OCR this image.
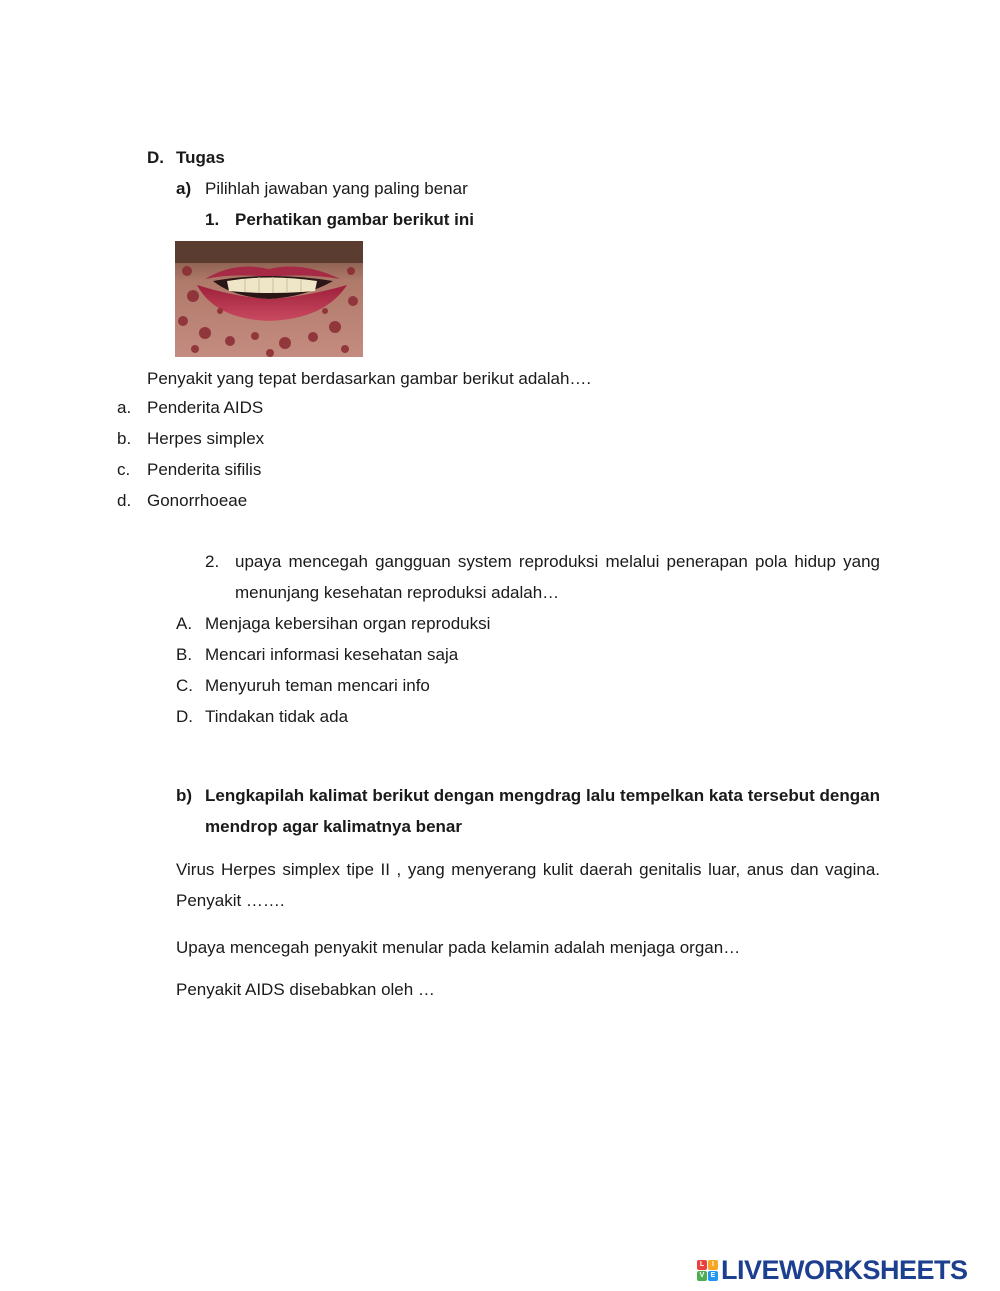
D. Tugas
a) Pilihlah jawaban yang paling benar
1. Perhatikan gambar berikut ini
Penyakit yang tepat berdasarkan gambar berikut adalah….
a. Penderita AIDS
b. Herpes simplex
c. Penderita sifilis
d. Gonorrhoeae
2. upaya mencegah gangguan system reproduksi melalui penerapan pola hidup yang menunjang kesehatan reproduksi adalah…
A. Menjaga kebersihan organ reproduksi
B. Mencari informasi kesehatan saja
C. Menyuruh teman mencari info
D. Tindakan tidak ada
b) Lengkapilah kalimat berikut dengan mengdrag lalu tempelkan kata tersebut dengan mendrop agar kalimatnya benar
Virus Herpes simplex tipe II , yang menyerang kulit daerah genitalis luar, anus dan vagina. Penyakit …….
Upaya mencegah penyakit menular pada kelamin adalah menjaga organ…
Penyakit AIDS disebabkan oleh …
L	I
V E LIVEWORKSHEETS
